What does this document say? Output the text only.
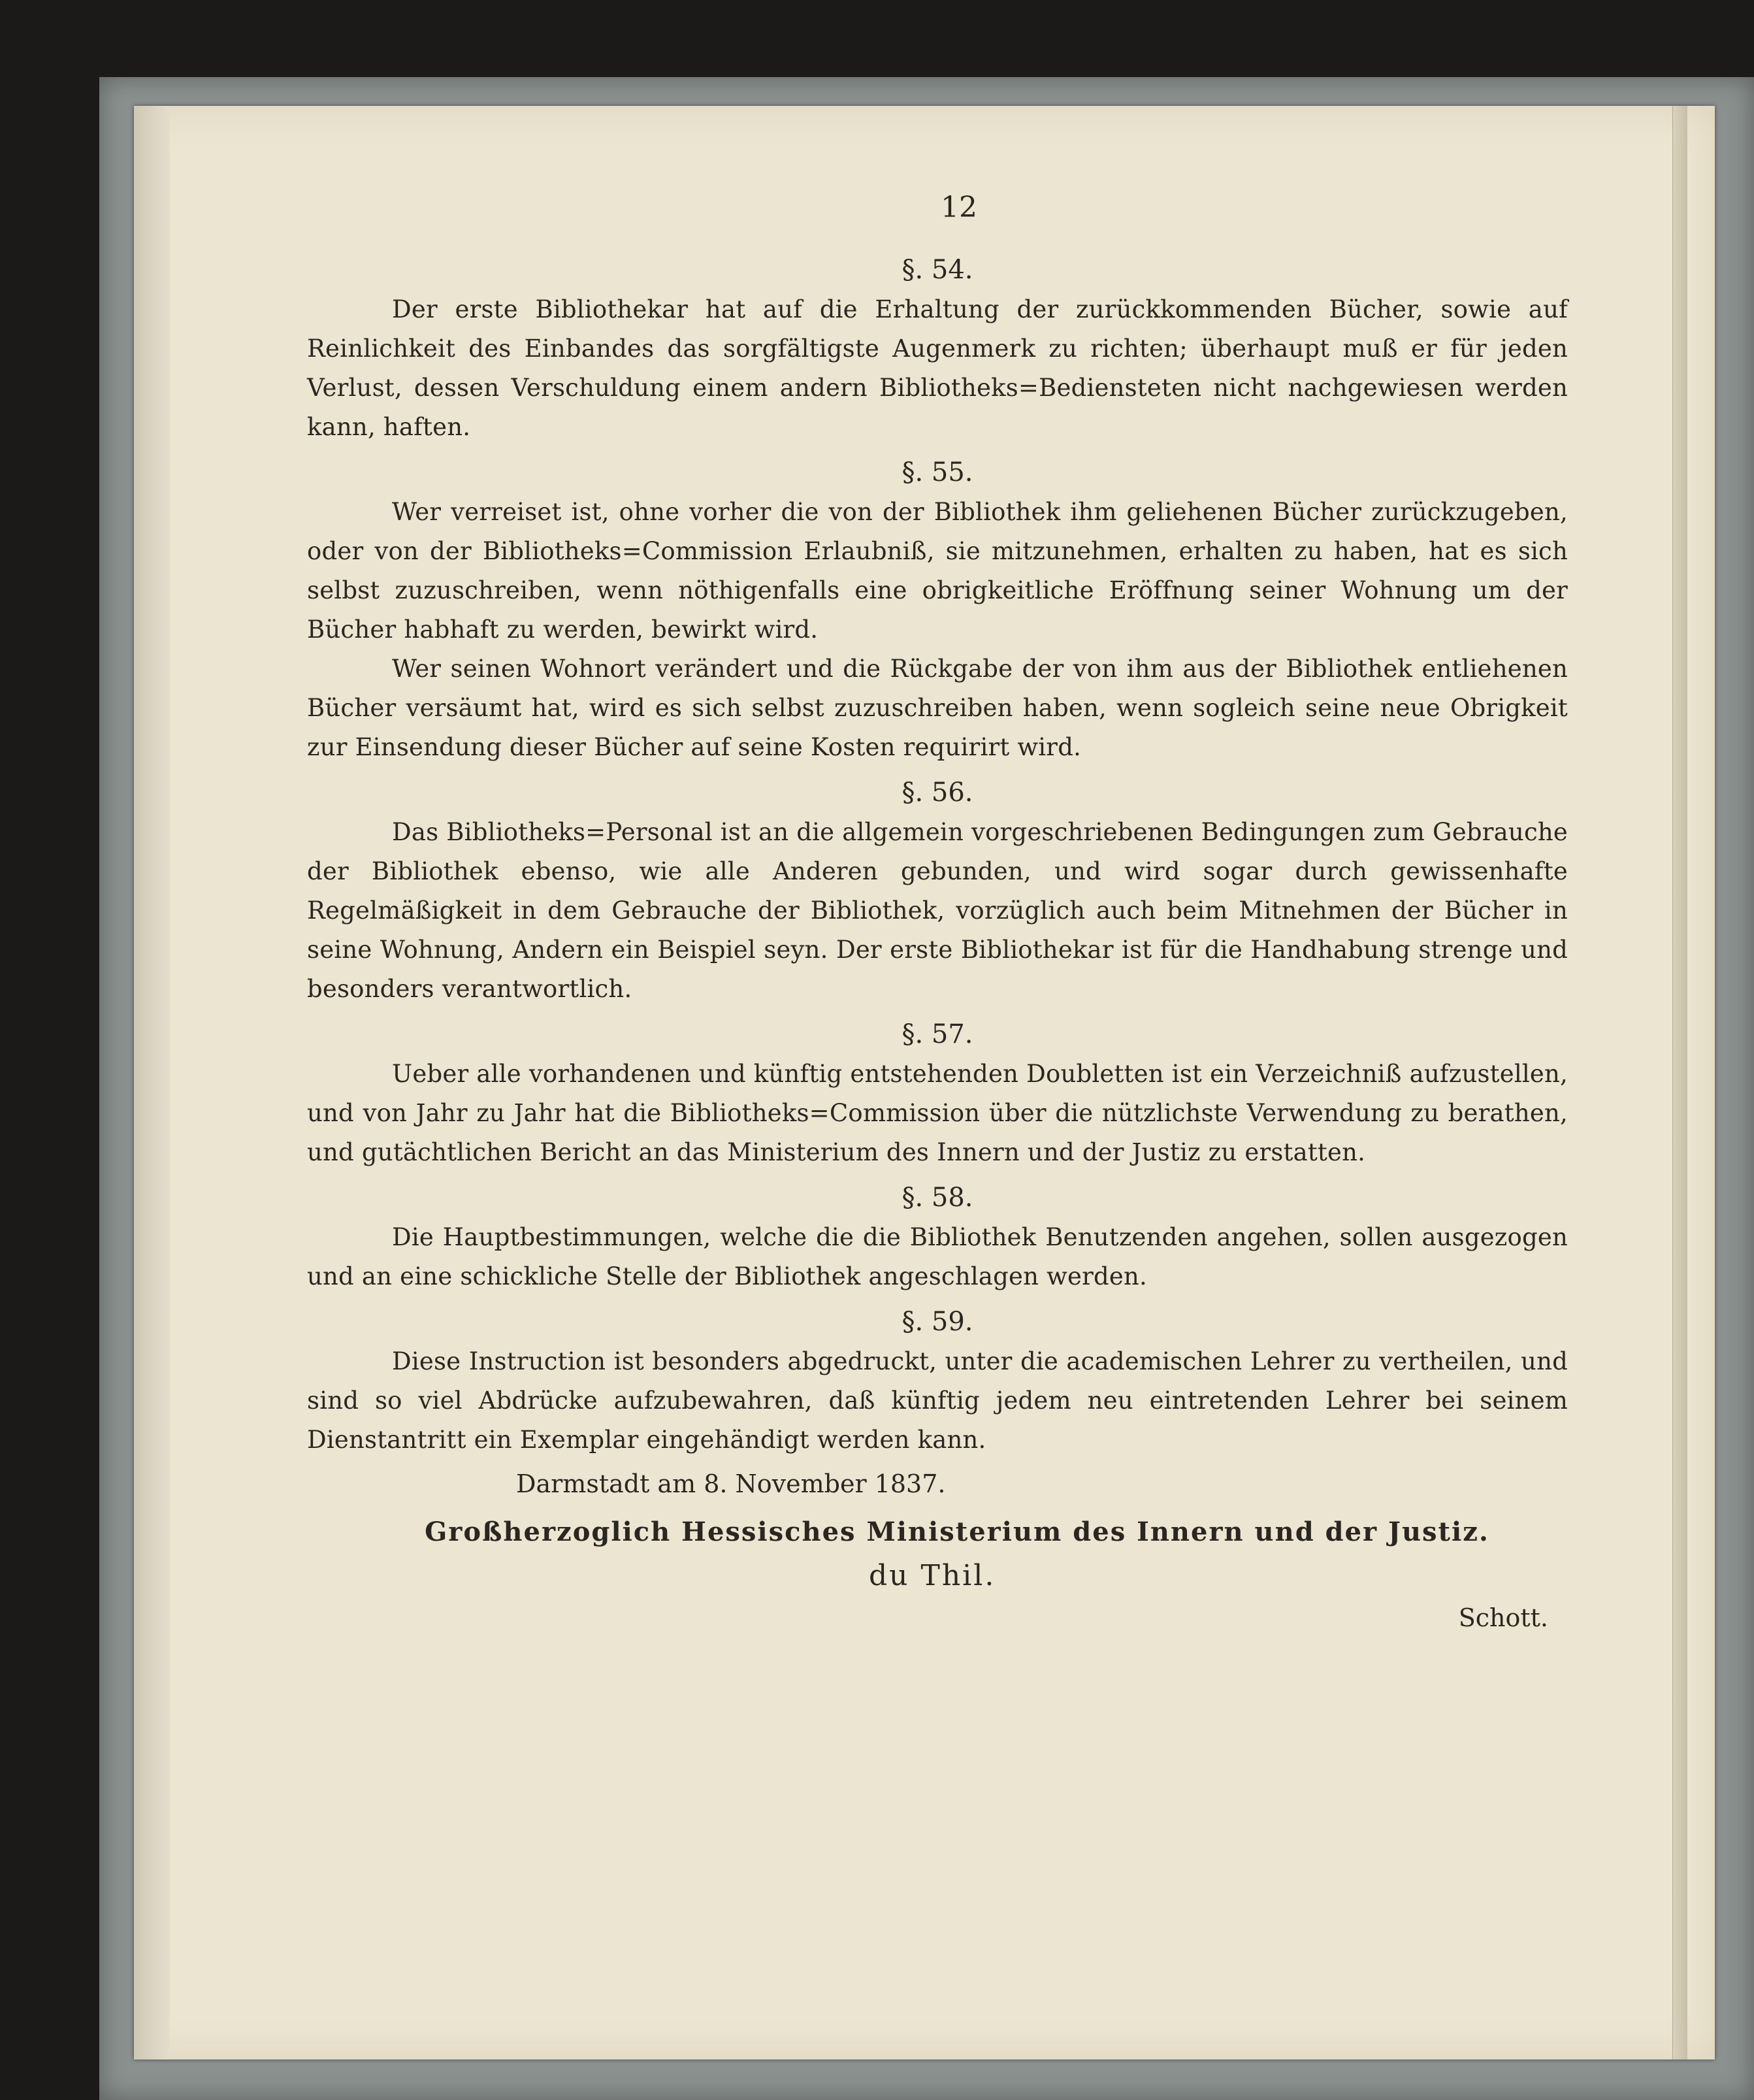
12

§. 54.

Der erste Bibliothekar hat auf die Erhaltung der zurückkommenden Bücher, sowie auf Reinlichkeit des Einbandes das sorgfältigste Augenmerk zu richten; überhaupt muß er für jeden Verlust, dessen Verschuldung einem andern Bibliotheks=Bediensteten nicht nachgewiesen werden kann, haften.

§. 55.

Wer verreiset ist, ohne vorher die von der Bibliothek ihm geliehenen Bücher zurückzugeben, oder von der Bibliotheks=Commission Erlaubniß, sie mitzunehmen, erhalten zu haben, hat es sich selbst zuzuschreiben, wenn nöthigenfalls eine obrigkeitliche Eröffnung seiner Wohnung um der Bücher habhaft zu werden, bewirkt wird.

Wer seinen Wohnort verändert und die Rückgabe der von ihm aus der Bibliothek entliehenen Bücher versäumt hat, wird es sich selbst zuzuschreiben haben, wenn sogleich seine neue Obrigkeit zur Einsendung dieser Bücher auf seine Kosten requirirt wird.

§. 56.

Das Bibliotheks=Personal ist an die allgemein vorgeschriebenen Bedingungen zum Gebrauche der Bibliothek ebenso, wie alle Anderen gebunden, und wird sogar durch gewissenhafte Regelmäßigkeit in dem Gebrauche der Bibliothek, vorzüglich auch beim Mitnehmen der Bücher in seine Wohnung, Andern ein Beispiel seyn. Der erste Bibliothekar ist für die Handhabung strenge und besonders verantwortlich.

§. 57.

Ueber alle vorhandenen und künftig entstehenden Doubletten ist ein Verzeichniß aufzustellen, und von Jahr zu Jahr hat die Bibliotheks=Commission über die nützlichste Verwendung zu berathen, und gutächtlichen Bericht an das Ministerium des Innern und der Justiz zu erstatten.

§. 58.

Die Hauptbestimmungen, welche die die Bibliothek Benutzenden angehen, sollen ausgezogen und an eine schickliche Stelle der Bibliothek angeschlagen werden.

§. 59.

Diese Instruction ist besonders abgedruckt, unter die academischen Lehrer zu vertheilen, und sind so viel Abdrücke aufzubewahren, daß künftig jedem neu eintretenden Lehrer bei seinem Dienstantritt ein Exemplar eingehändigt werden kann.

Darmstadt am 8. November 1837.

Großherzoglich Hessisches Ministerium des Innern und der Justiz.

du Thil.

Schott.
